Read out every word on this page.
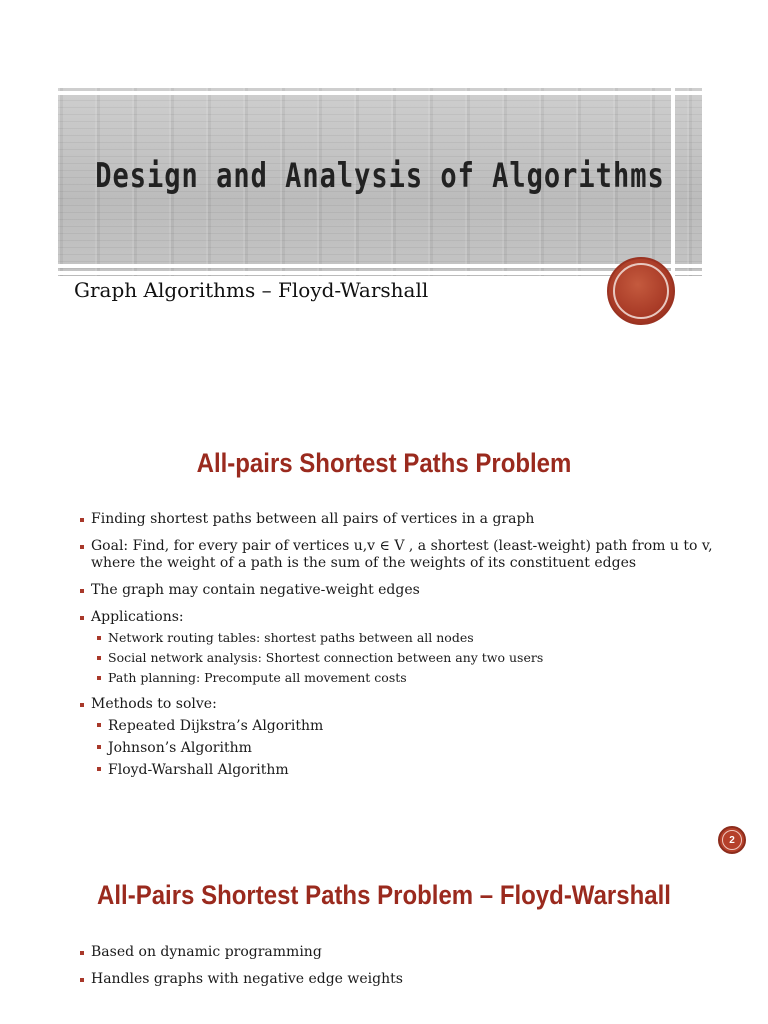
Design and Analysis of Algorithms
Graph Algorithms – Floyd-Warshall
All-pairs Shortest Paths Problem
Finding shortest paths between all pairs of vertices in a graph
Goal: Find, for every pair of vertices u,v ∈ V , a shortest (least-weight) path from u to v, where the weight of a path is the sum of the weights of its constituent edges
The graph may contain negative-weight edges
Applications:
Network routing tables: shortest paths between all nodes
Social network analysis: Shortest connection between any two users
Path planning: Precompute all movement costs
Methods to solve:
Repeated Dijkstra’s Algorithm
Johnson’s Algorithm
Floyd-Warshall Algorithm
2
All-Pairs Shortest Paths Problem – Floyd-Warshall
Based on dynamic programming
Handles graphs with negative edge weights
